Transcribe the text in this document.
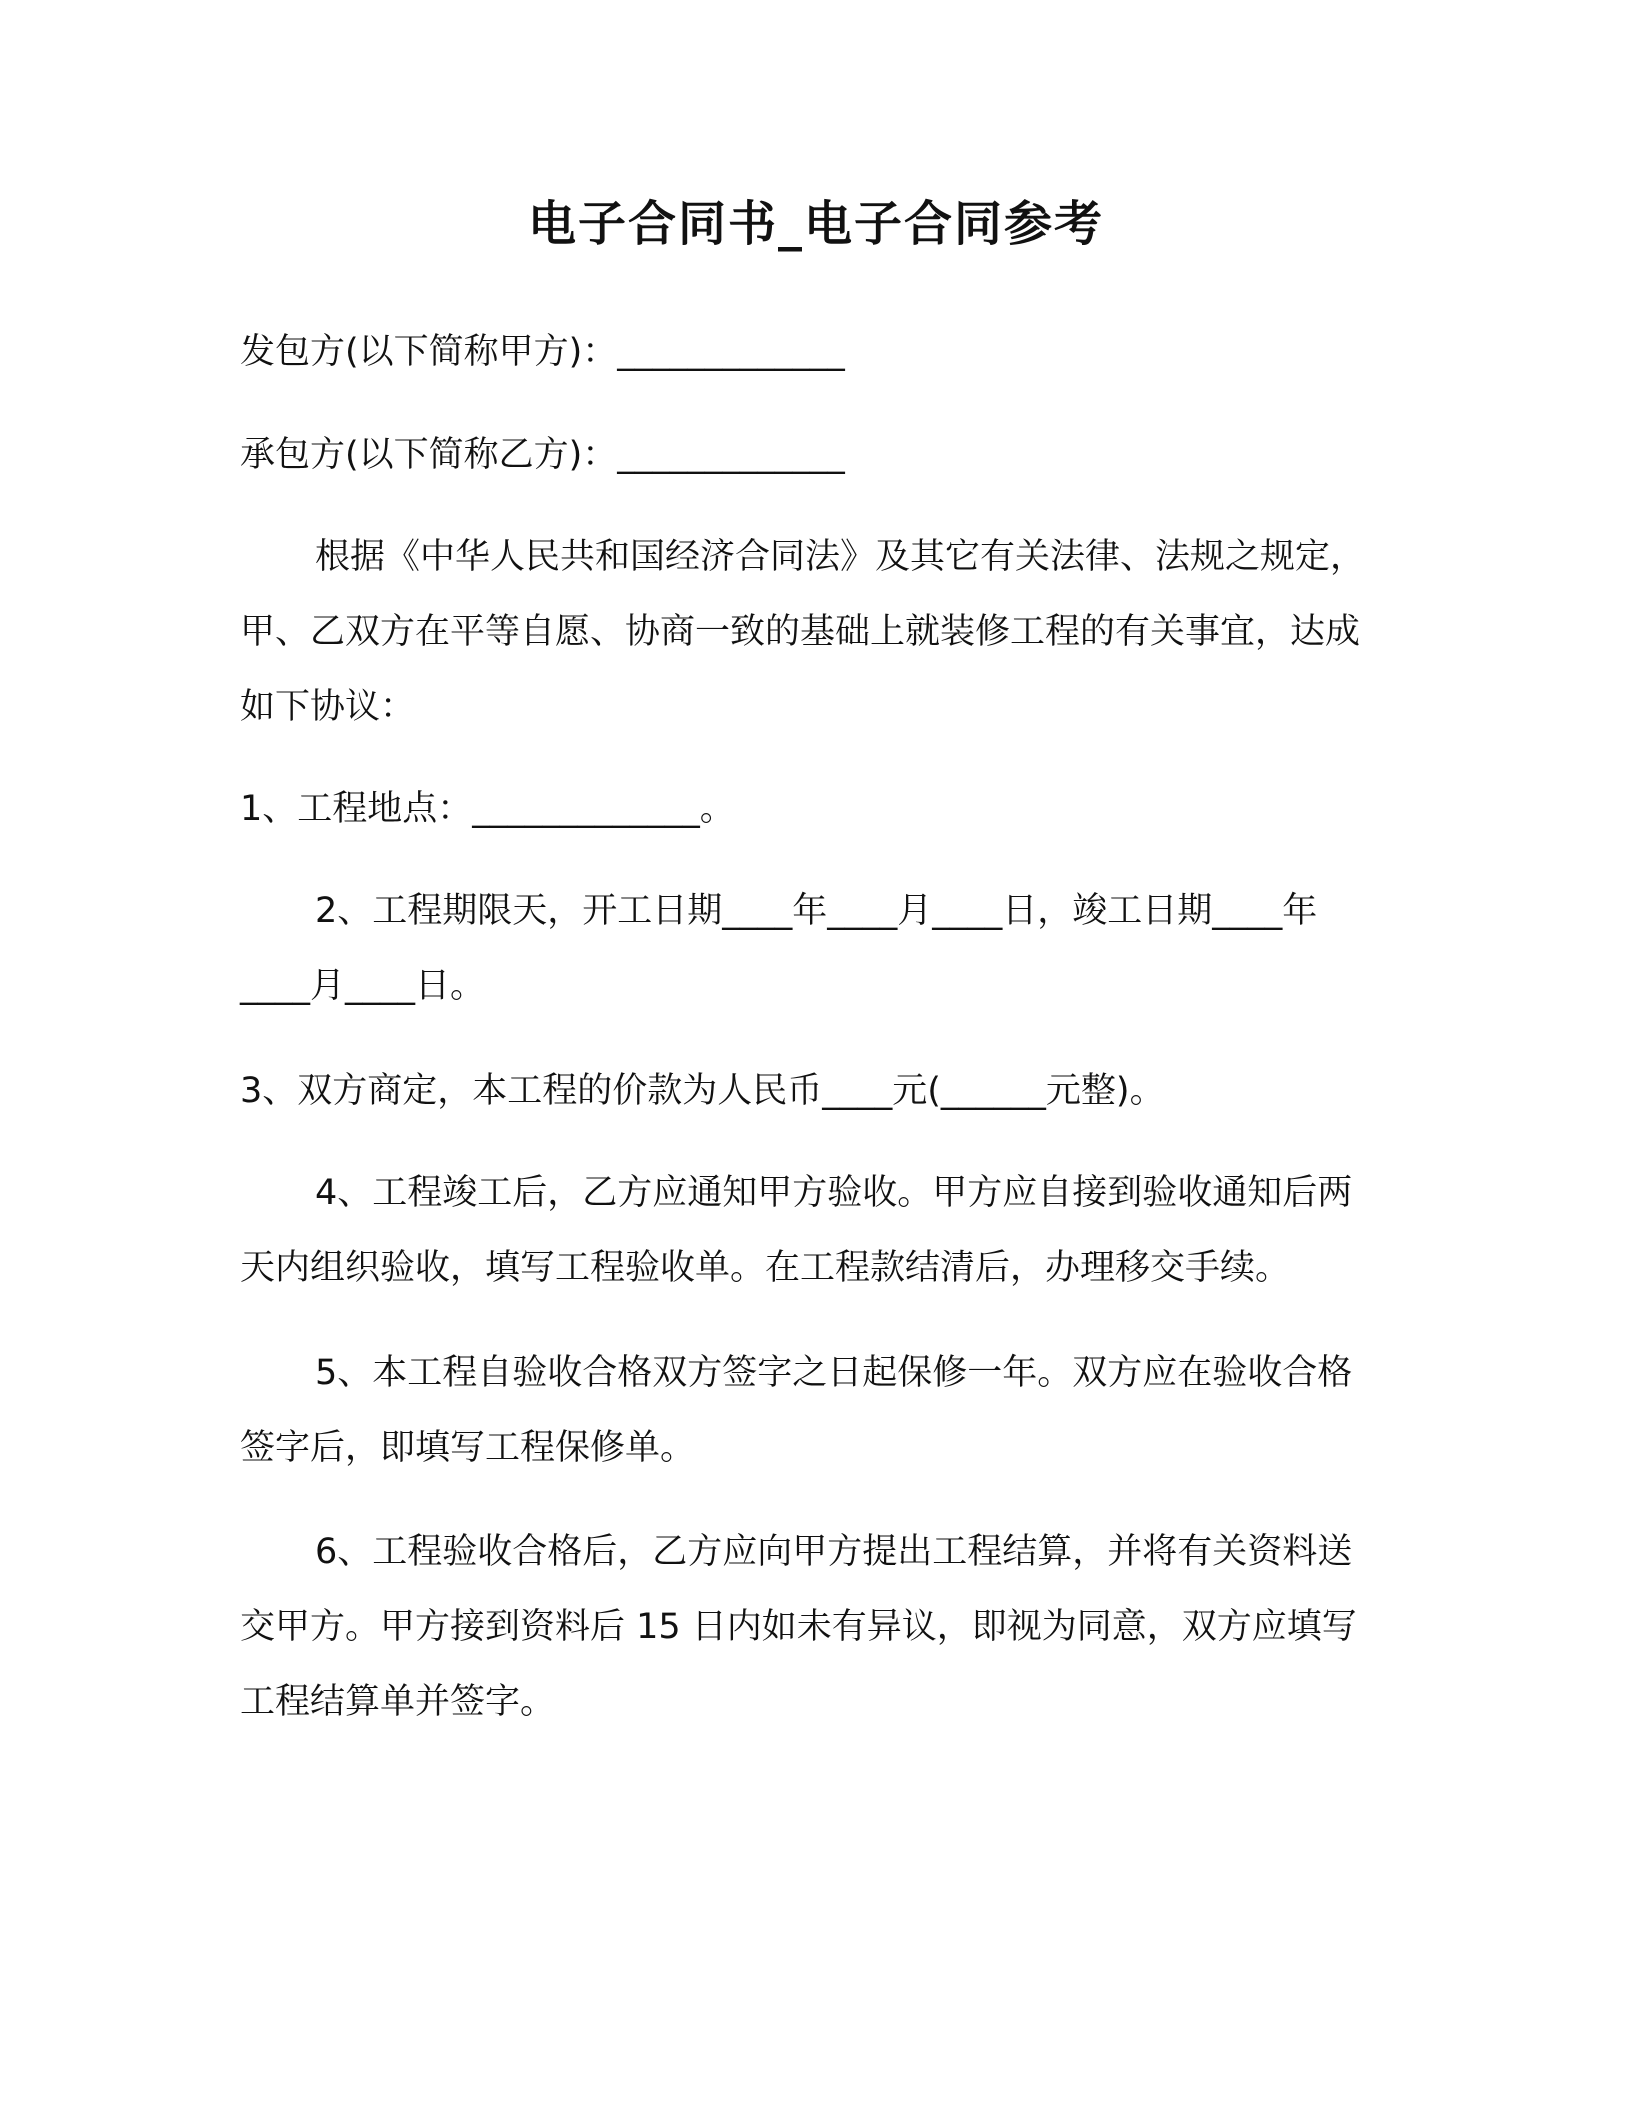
电子合同书_电子合同参考

发包方(以下简称甲方)：_____________

承包方(以下简称乙方)：_____________

根据《中华人民共和国经济合同法》及其它有关法律、法规之规定，甲、乙双方在平等自愿、协商一致的基础上就装修工程的有关事宜，达成如下协议：

1、工程地点：_____________。

2、工程期限天，开工日期____年____月____日，竣工日期____年____月____日。

3、双方商定，本工程的价款为人民币____元(______元整)。

4、工程竣工后，乙方应通知甲方验收。甲方应自接到验收通知后两天内组织验收，填写工程验收单。在工程款结清后，办理移交手续。

5、本工程自验收合格双方签字之日起保修一年。双方应在验收合格签字后，即填写工程保修单。

6、工程验收合格后，乙方应向甲方提出工程结算，并将有关资料送交甲方。甲方接到资料后 15 日内如未有异议，即视为同意，双方应填写工程结算单并签字。
